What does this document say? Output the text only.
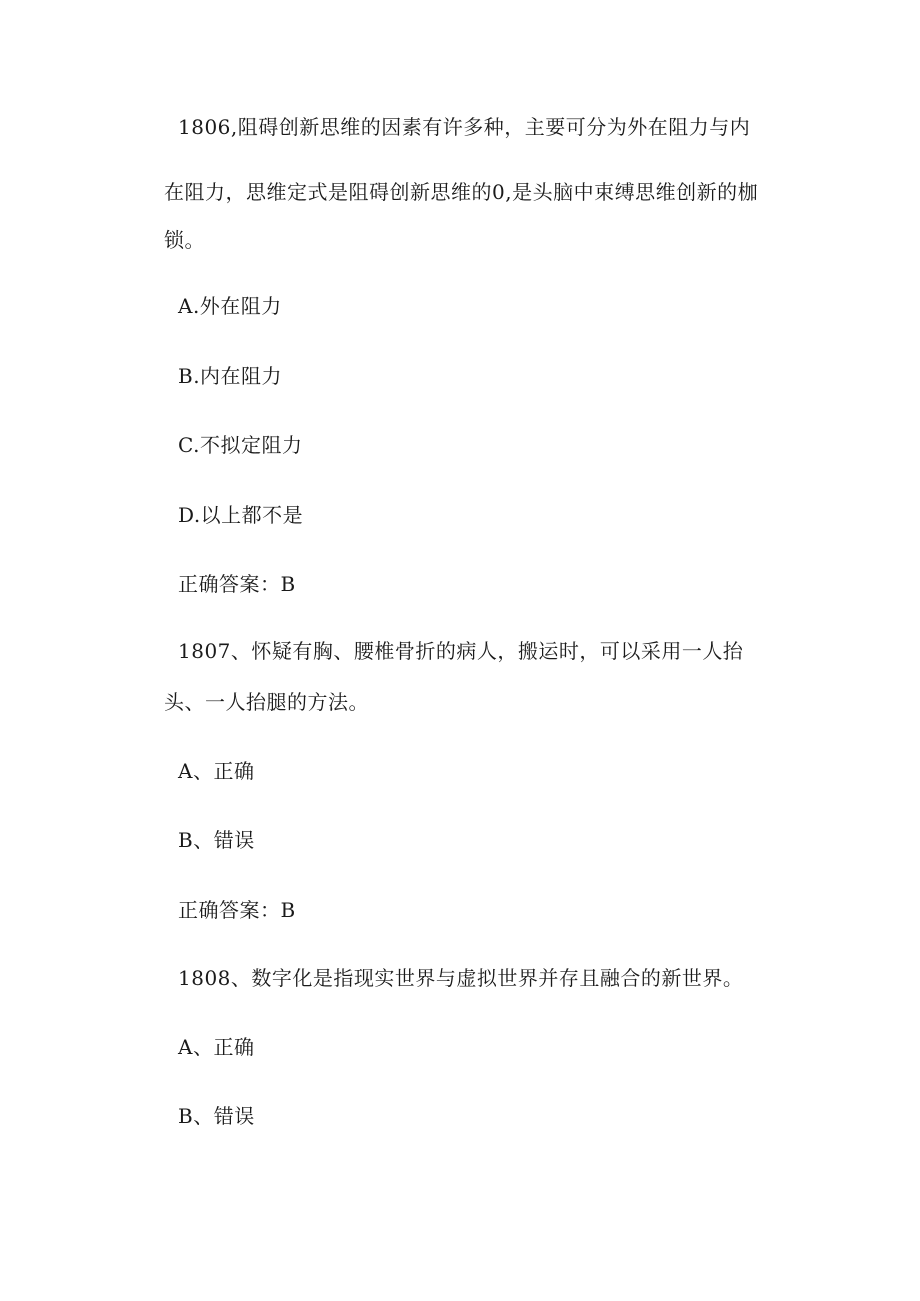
1806,阻碍创新思维的因素有许多种，主要可分为外在阻力与内
在阻力，思维定式是阻碍创新思维的0,是头脑中束缚思维创新的枷
锁。
A.外在阻力
B.内在阻力
C.不拟定阻力
D.以上都不是
正确答案：B
1807、怀疑有胸、腰椎骨折的病人，搬运时，可以采用一人抬
头、一人抬腿的方法。
A、正确
B、错误
正确答案：B
1808、数字化是指现实世界与虚拟世界并存且融合的新世界。
A、正确
B、错误
